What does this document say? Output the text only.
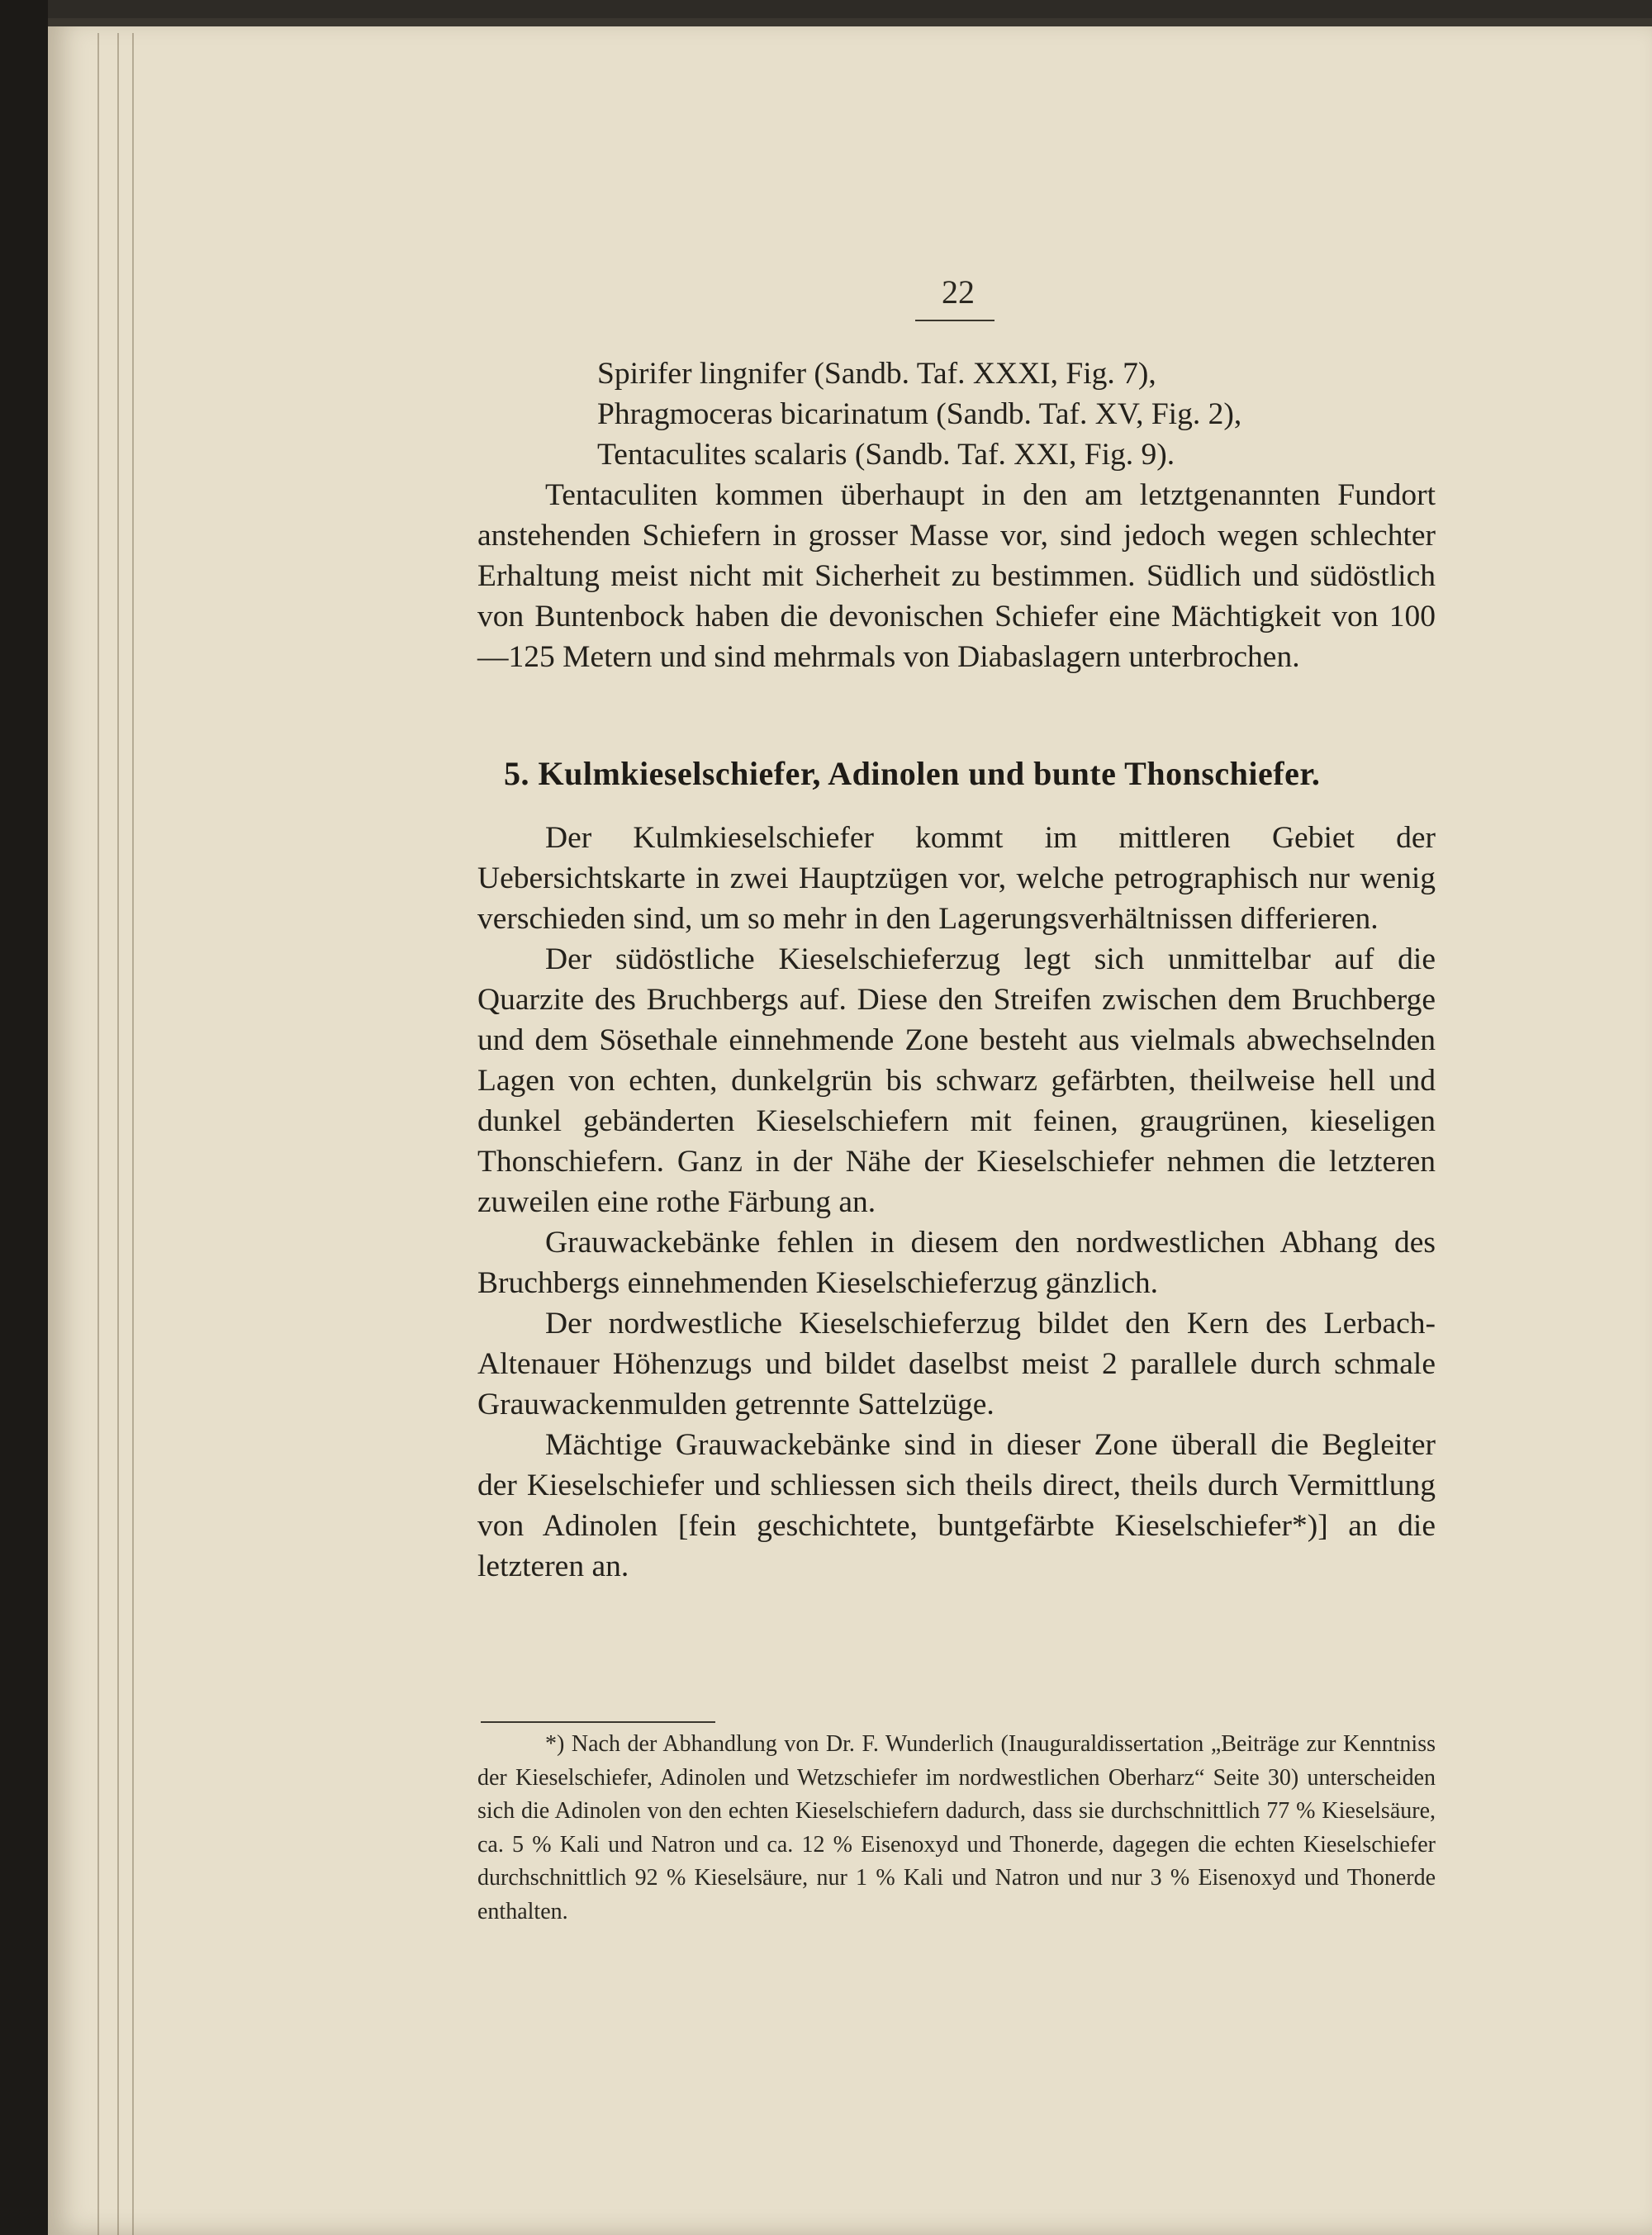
22
Spirifer lingnifer (Sandb. Taf. XXXI, Fig. 7),
Phragmoceras bicarinatum (Sandb. Taf. XV, Fig. 2),
Tentaculites scalaris (Sandb. Taf. XXI, Fig. 9).

Tentaculiten kommen überhaupt in den am letztgenannten Fundort anstehenden Schiefern in grosser Masse vor, sind jedoch wegen schlechter Erhaltung meist nicht mit Sicherheit zu bestimmen. Südlich und südöstlich von Buntenbock haben die devonischen Schiefer eine Mächtigkeit von 100—125 Metern und sind mehrmals von Diabaslagern unterbrochen.

5. Kulmkieselschiefer, Adinolen und bunte Thonschiefer.

Der Kulmkieselschiefer kommt im mittleren Gebiet der Uebersichtskarte in zwei Hauptzügen vor, welche petrographisch nur wenig verschieden sind, um so mehr in den Lagerungsverhältnissen differieren.

Der südöstliche Kieselschieferzug legt sich unmittelbar auf die Quarzite des Bruchbergs auf. Diese den Streifen zwischen dem Bruchberge und dem Sösethale einnehmende Zone besteht aus vielmals abwechselnden Lagen von echten, dunkelgrün bis schwarz gefärbten, theilweise hell und dunkel gebänderten Kieselschiefern mit feinen, graugrünen, kieseligen Thonschiefern. Ganz in der Nähe der Kieselschiefer nehmen die letzteren zuweilen eine rothe Färbung an.

Grauwackebänke fehlen in diesem den nordwestlichen Abhang des Bruchbergs einnehmenden Kieselschieferzug gänzlich.

Der nordwestliche Kieselschieferzug bildet den Kern des Lerbach-Altenauer Höhenzugs und bildet daselbst meist 2 parallele durch schmale Grauwackenmulden getrennte Sattelzüge.

Mächtige Grauwackebänke sind in dieser Zone überall die Begleiter der Kieselschiefer und schliessen sich theils direct, theils durch Vermittlung von Adinolen [fein geschichtete, buntgefärbte Kieselschiefer*)] an die letzteren an.

*) Nach der Abhandlung von Dr. F. Wunderlich (Inauguraldissertation „Beiträge zur Kenntniss der Kieselschiefer, Adinolen und Wetzschiefer im nordwestlichen Oberharz“ Seite 30) unterscheiden sich die Adinolen von den echten Kieselschiefern dadurch, dass sie durchschnittlich 77 % Kieselsäure, ca. 5 % Kali und Natron und ca. 12 % Eisenoxyd und Thonerde, dagegen die echten Kieselschiefer durchschnittlich 92 % Kieselsäure, nur 1 % Kali und Natron und nur 3 % Eisenoxyd und Thonerde enthalten.
